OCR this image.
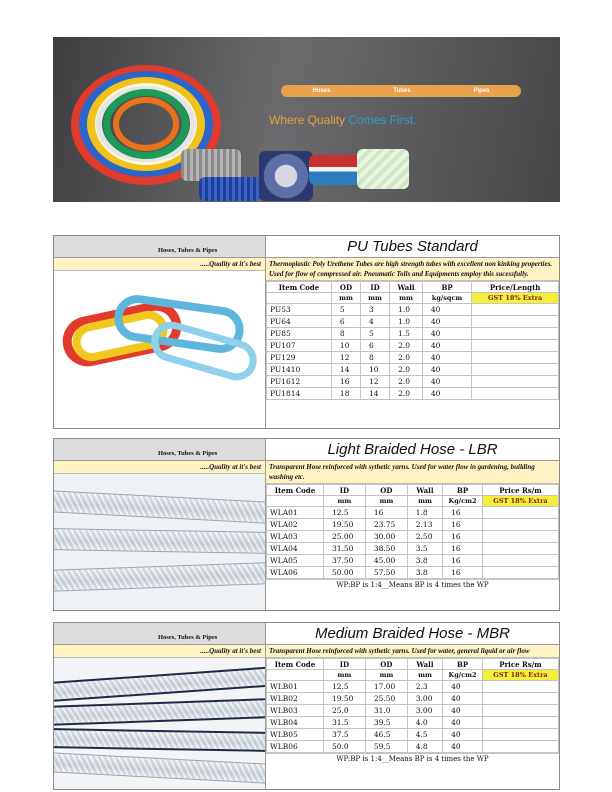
Hoses	Tubes	Pipes
Where Quality Comes First.
Hoses, Tubes & Pipes	PU Tubes Standard
.....Quality at it's best	Thermoplastic Poly Urethene Tubes are high strength tubes with excellent non kinking properties. Used for flow of compressed air. Pneumatic Tolls and Equipments employ this sucessfully.
Item Code	OD	ID	Wall	BP	Price/Length
	mm	mm	mm	kg/sqcm	GST 18% Extra
PU53	5	3	1.0	40	
PU64	6	4	1.0	40	
PU85	8	5	1.5	40	
PU107	10	6	2.0	40	
PU129	12	8	2.0	40	
PU1410	14	10	2.0	40	
PU1612	16	12	2.0	40	
PU1814	18	14	2.0	40	
Hoses, Tubes & Pipes	Light Braided Hose - LBR
.....Quality at it's best	Transparent Hose reinforced with sythetic yarns. Used for water flow in gardening, building washing etc.
Item Code	ID	OD	Wall	BP	Price Rs/m
	mm	mm	mm	Kg/cm2	GST 18% Extra
WLA01	12.5	16	1.8	16	
WLA02	19.50	23.75	2.13	16	
WLA03	25.00	30.00	2.50	16	
WLA04	31.50	38.50	3.5	16	
WLA05	37.50	45.00	3.8	16	
WLA06	50.00	57.50	3.8	16	
WP:BP is 1:4__Means BP is 4 times the WP
Hoses, Tubes & Pipes	Medium Braided Hose - MBR
.....Quality at it's best	Transparent Hose reinforced with sythetic yarns. Used for water, general liquid or air flow
Item Code	ID	OD	Wall	BP	Price Rs/m
	mm	mm	mm	Kg/cm2	GST 18% Extra
WLB01	12.5	17.00	2.3	40	
WLB02	19.50	25.50	3.00	40	
WLB03	25.0	31.0	3.00	40	
WLB04	31.5	39.5	4.0	40	
WLB05	37.5	46.5	4.5	40	
WLB06	50.0	59.5	4.8	40	
WP:BP is 1:4__Means BP is 4 times the WP
